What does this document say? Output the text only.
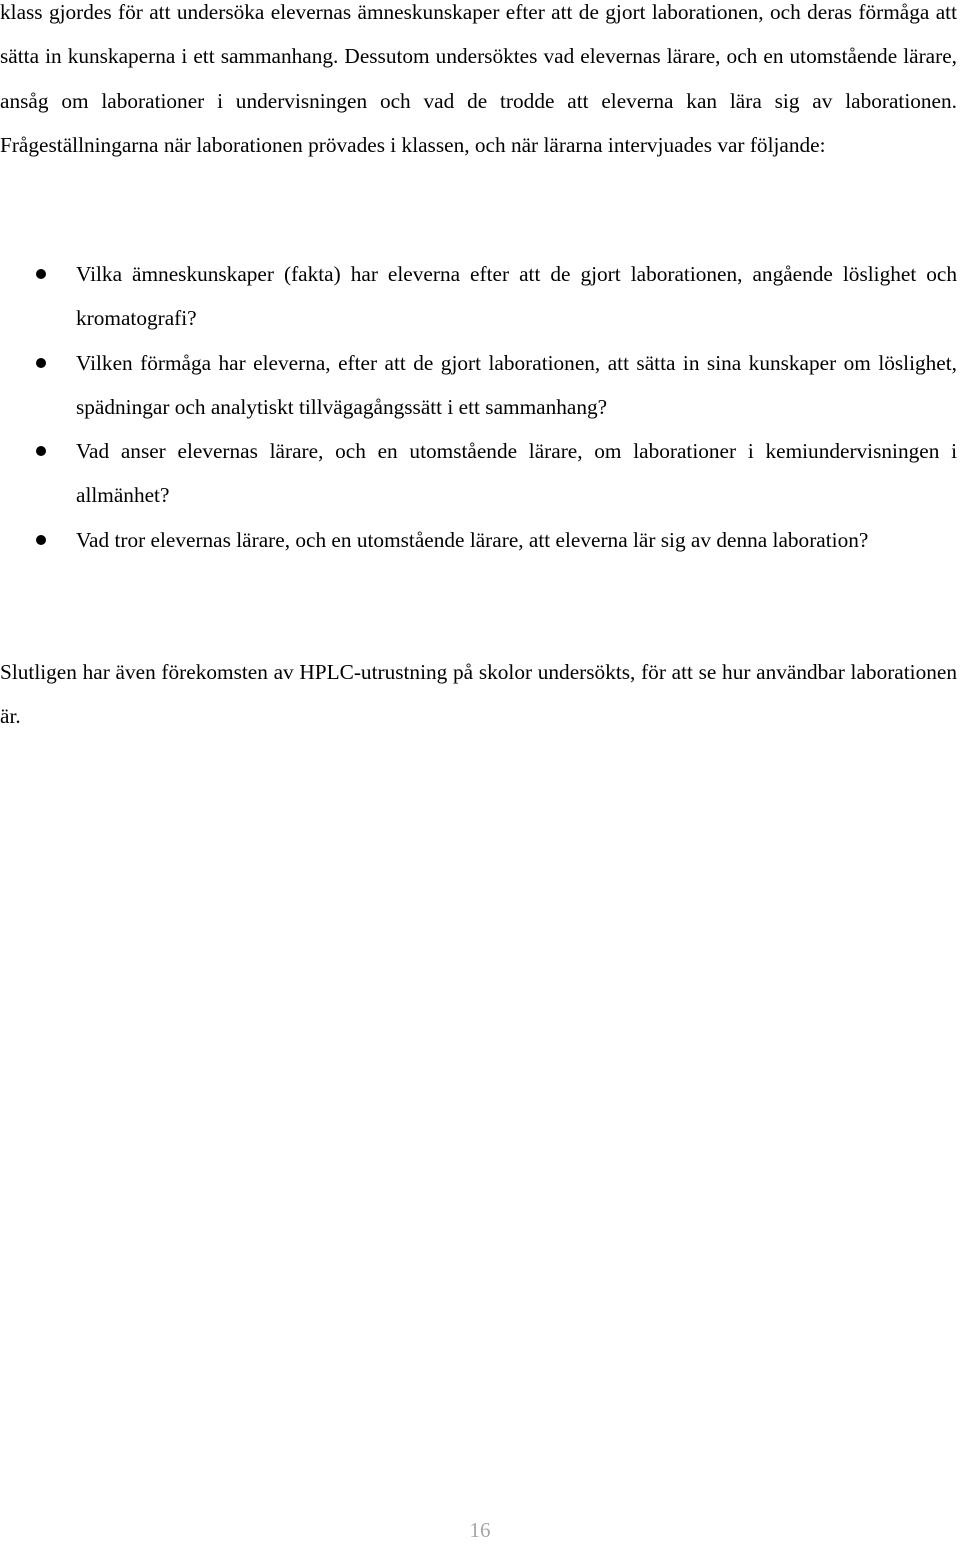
klass gjordes för att undersöka elevernas ämneskunskaper efter att de gjort laborationen, och deras förmåga att sätta in kunskaperna i ett sammanhang. Dessutom undersöktes vad elevernas lärare, och en utomstående lärare, ansåg om laborationer i undervisningen och vad de trodde att eleverna kan lära sig av laborationen. Frågeställningarna när laborationen prövades i klassen, och när lärarna intervjuades var följande:

Vilka ämneskunskaper (fakta) har eleverna efter att de gjort laborationen, angående löslighet och kromatografi?
Vilken förmåga har eleverna, efter att de gjort laborationen, att sätta in sina kunskaper om löslighet, spädningar och analytiskt tillvägagångssätt i ett sammanhang?
Vad anser elevernas lärare, och en utomstående lärare, om laborationer i kemiundervisningen i allmänhet?
Vad tror elevernas lärare, och en utomstående lärare, att eleverna lär sig av denna laboration?

Slutligen har även förekomsten av HPLC-utrustning på skolor undersökts, för att se hur användbar laborationen är.

16
